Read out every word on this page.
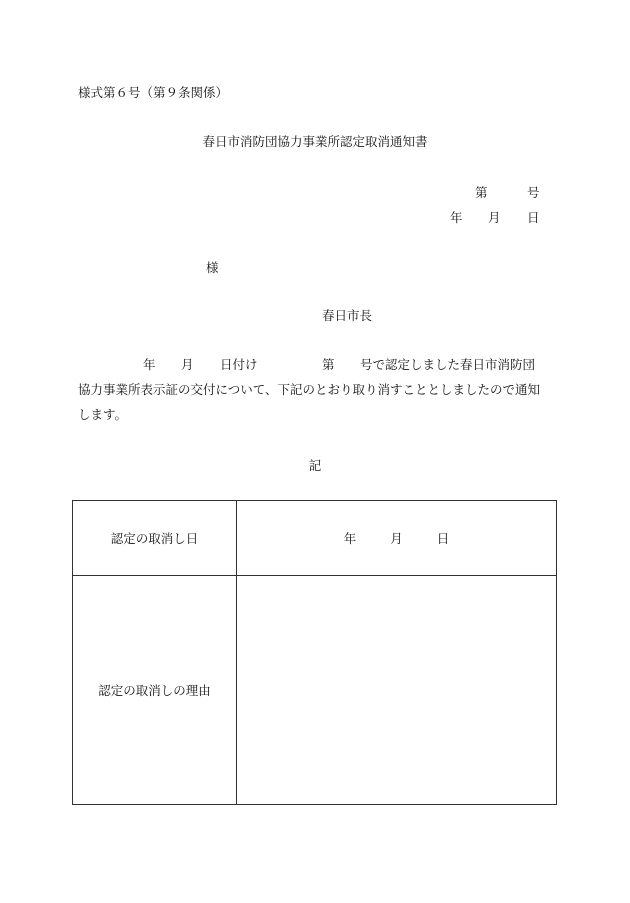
様式第６号（第９条関係）
春日市消防団協力事業所認定取消通知書
第	号
年 月 日
様
春日市長
年 月 日付け	第 号で認定しました春日市消防団
協力事業所表示証の交付について、下記のとおり取り消すこととしましたので通知
します。
記
認定の取消し日	年 月 日
認定の取消しの理由	
